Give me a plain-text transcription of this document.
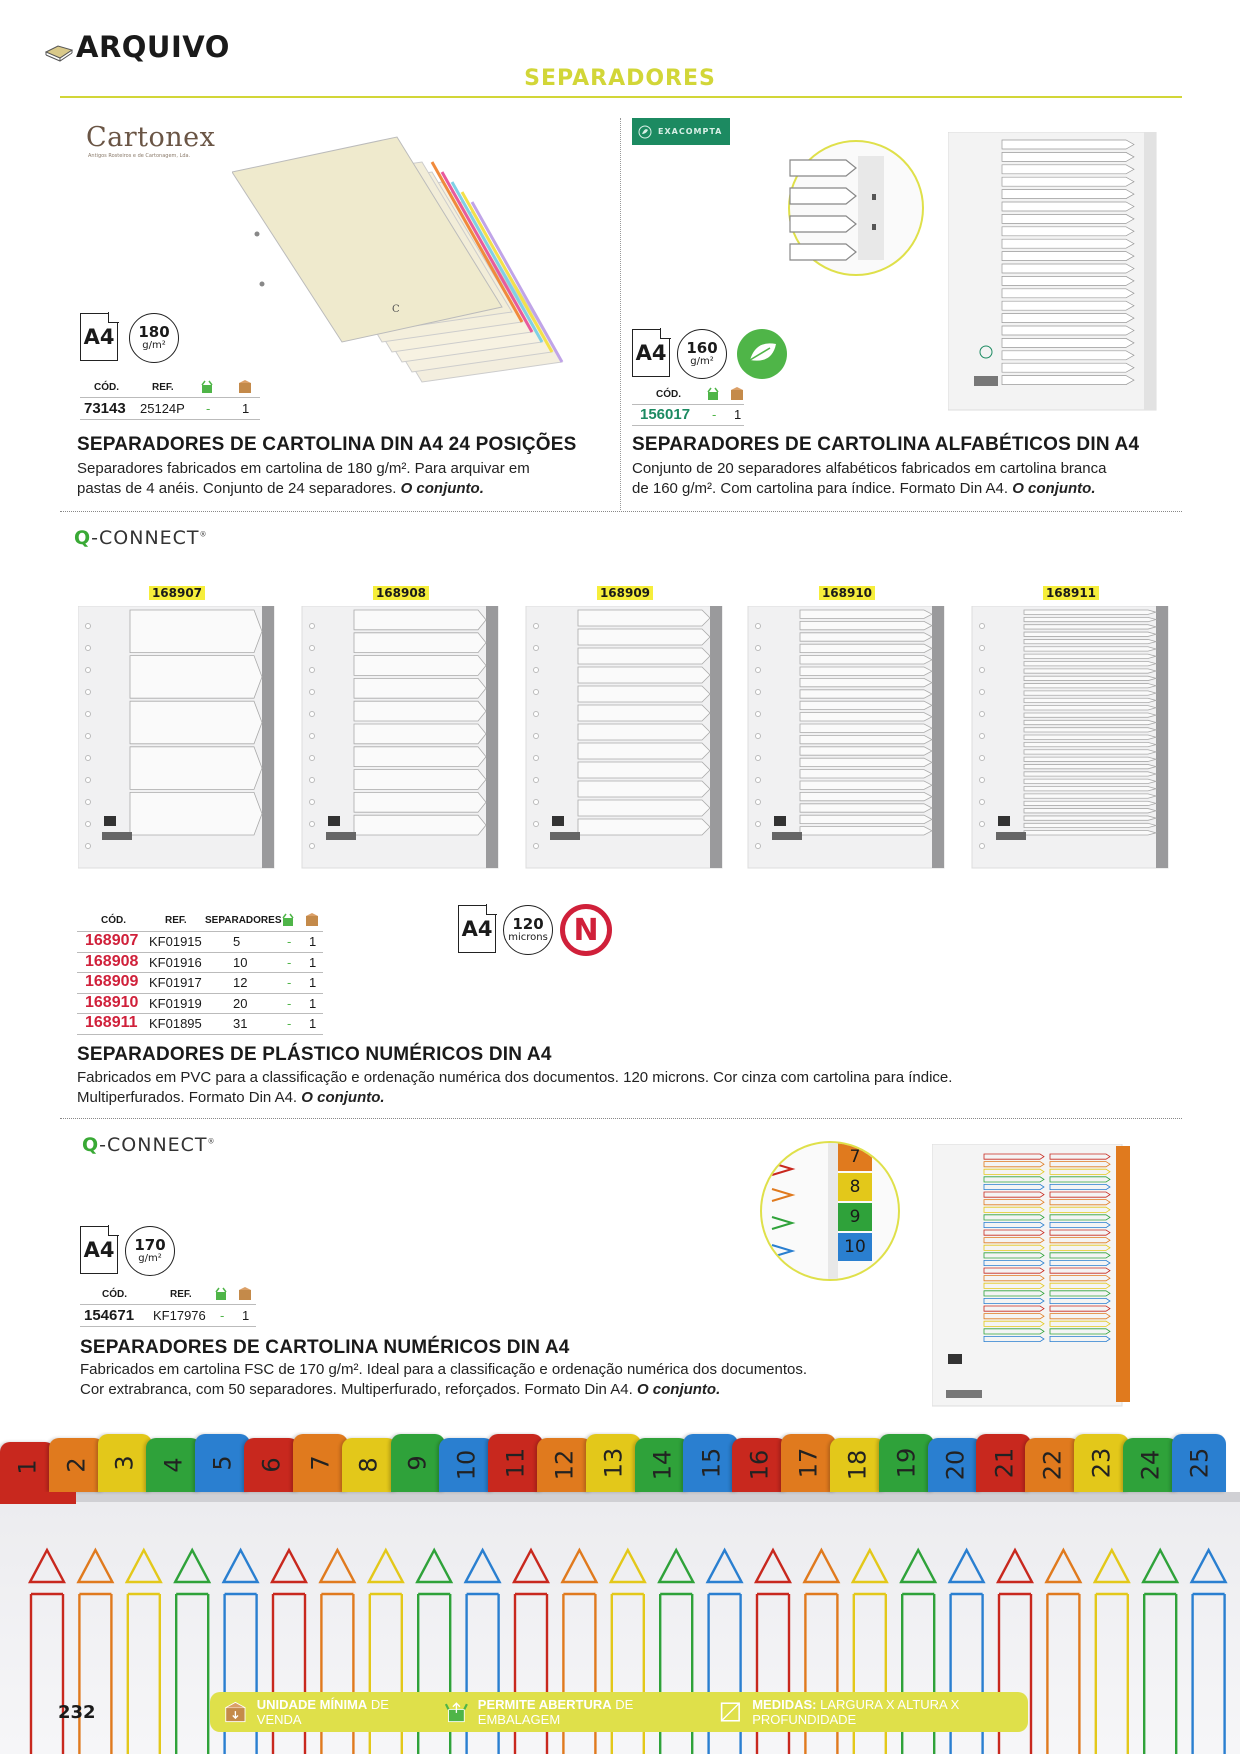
ARQUIVO
SEPARADORES
Cartonex
Antigos Rosteiros e de Cartonagem, Lda.
C
A4	180
g/m²
CÓD.	REF.
73143 25124P - 1
SEPARADORES DE CARTOLINA DIN A4 24 POSIÇÕES
Separadores fabricados em cartolina de 180 g/m². Para arquivar em
pastas de 4 anéis. Conjunto de 24 separadores. O conjunto.
EXACOMPTA
A4	160
g/m²
CÓD.
156017 - 1
SEPARADORES DE CARTOLINA ALFABÉTICOS DIN A4
Conjunto de 20 separadores alfabéticos fabricados em cartolina branca
de 160 g/m². Com cartolina para índice. Formato Din A4. O conjunto.
Q-CONNECT®
168907	168908	168909	168910	168911
A4	120
microns N
CÓD.	REF. SEPARADORES
168907 KF01915 5	- 1
168908 KF01916 10	- 1
168909 KF01917 12	- 1
168910 KF01919 20	- 1
168911 KF01895 31	- 1
SEPARADORES DE PLÁSTICO NUMÉRICOS DIN A4
Fabricados em PVC para a classificação e ordenação numérica dos documentos. 120 microns. Cor cinza com cartolina para índice.
Multiperfurados. Formato Din A4. O conjunto.
Q-CONNECT®
7
8
9
10
A4	170
g/m²
CÓD.	REF.
154671 KF17976 - 1
SEPARADORES DE CARTOLINA NUMÉRICOS DIN A4
Fabricados em cartolina FSC de 170 g/m². Ideal para a classificação e ordenação numérica dos documentos.
Cor extrabranca, com 50 separadores. Multiperfurado, reforçados. Formato Din A4. O conjunto.
1 2 3 4 5 6 7 8 9 10 11 12 13 14 15 16 17 18 19 20 21 22 23 24 25
232	UNIDADE MÍNIMA DE VENDA
PERMITE ABERTURA DE EMBALAGEM
MEDIDAS: LARGURA X ALTURA X PROFUNDIDADE
